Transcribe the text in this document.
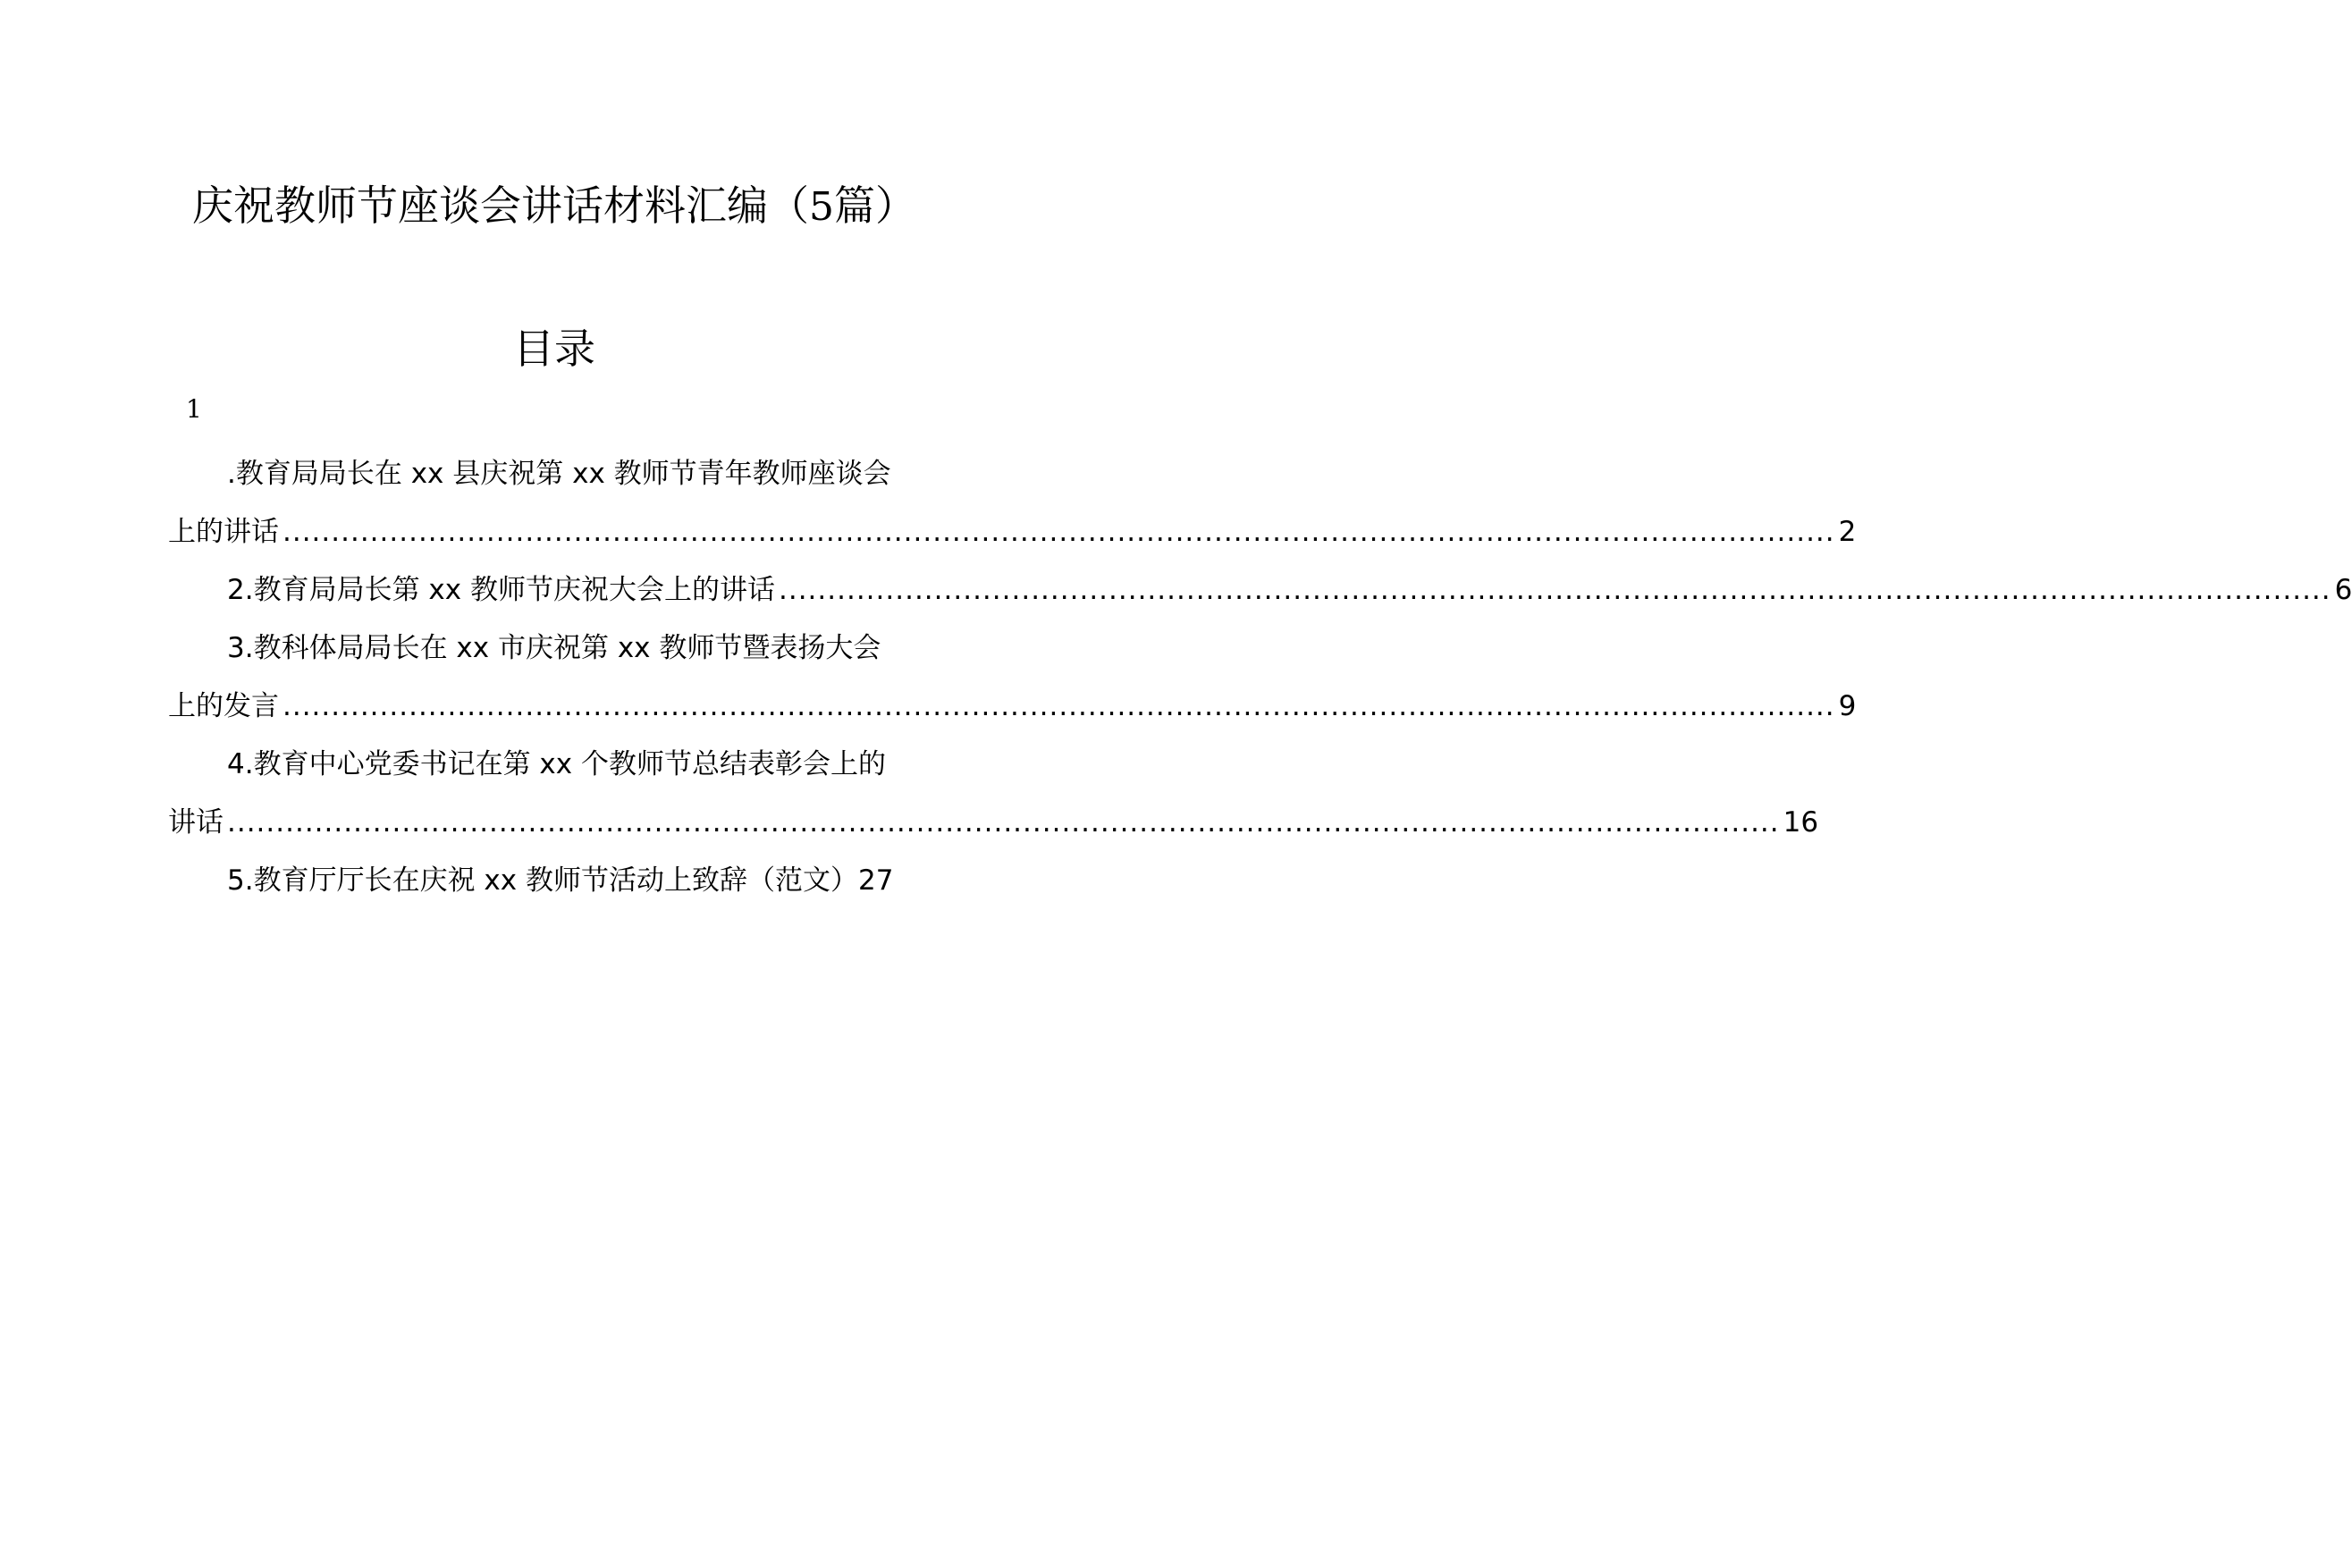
庆祝教师节座谈会讲话材料汇编（5篇）
目录
1
.教育局局长在 xx 县庆祝第 xx 教师节青年教师座谈会
上的讲话 ................................................................................................................................................................ 2
2.教育局局长第 xx 教师节庆祝大会上的讲话 ................................................................................................................................................................ 6
3.教科体局局长在 xx 市庆祝第 xx 教师节暨表扬大会
上的发言 ................................................................................................................................................................ 9
4.教育中心党委书记在第 xx 个教师节总结表彰会上的
讲话 ................................................................................................................................................................ 16
5.教育厅厅长在庆祝 xx 教师节活动上致辞（范文）27
